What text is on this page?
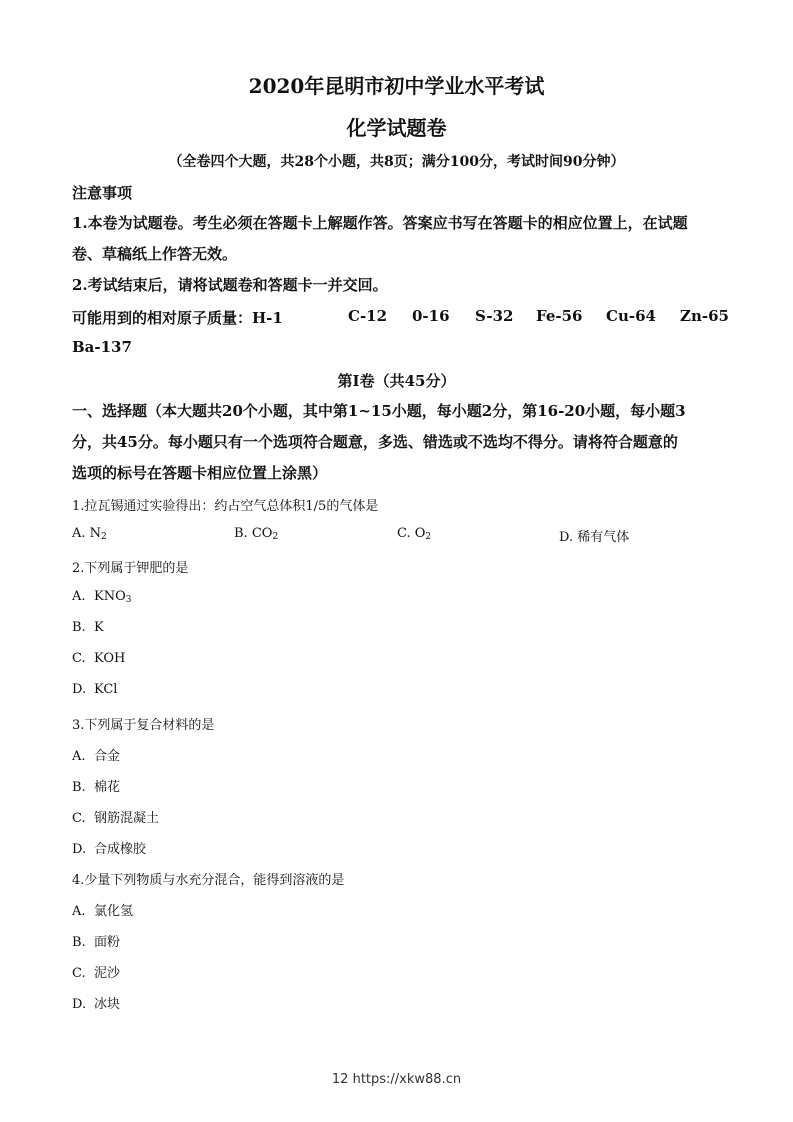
2020年昆明市初中学业水平考试
化学试题卷
（全卷四个大题，共28个小题，共8页；满分100分，考试时间90分钟）
注意事项
1.本卷为试题卷。考生必须在答题卡上解题作答。答案应书写在答题卡的相应位置上，在试题
卷、草稿纸上作答无效。
2.考试结束后，请将试题卷和答题卡一并交回。
可能用到的相对原子质量：H-1	C-12 0-16 S-32 Fe-56 Cu-64 Zn-65
Ba-137
第Ⅰ卷（共45分）
一、选择题（本大题共20个小题，其中第1~15小题，每小题2分，第16-20小题，每小题3
分，共45分。每小题只有一个选项符合题意，多选、错选或不选均不得分。请将符合题意的
选项的标号在答题卡相应位置上涂黑）
1.拉瓦锡通过实验得出：约占空气总体积1/5的气体是
A. $N_2$	B. $CO_2$	C. $O_2$	D. 稀有气体
2.下列属于钾肥的是
A. $KNO_3$
B. K
C. KOH
D. KCl
3.下列属于复合材料的是
A. 合金
B. 棉花
C. 钢筋混凝土
D. 合成橡胶
4.少量下列物质与水充分混合，能得到溶液的是
A. 氯化氢
B. 面粉
C. 泥沙
D. 冰块
12 https://xkw88.cn
